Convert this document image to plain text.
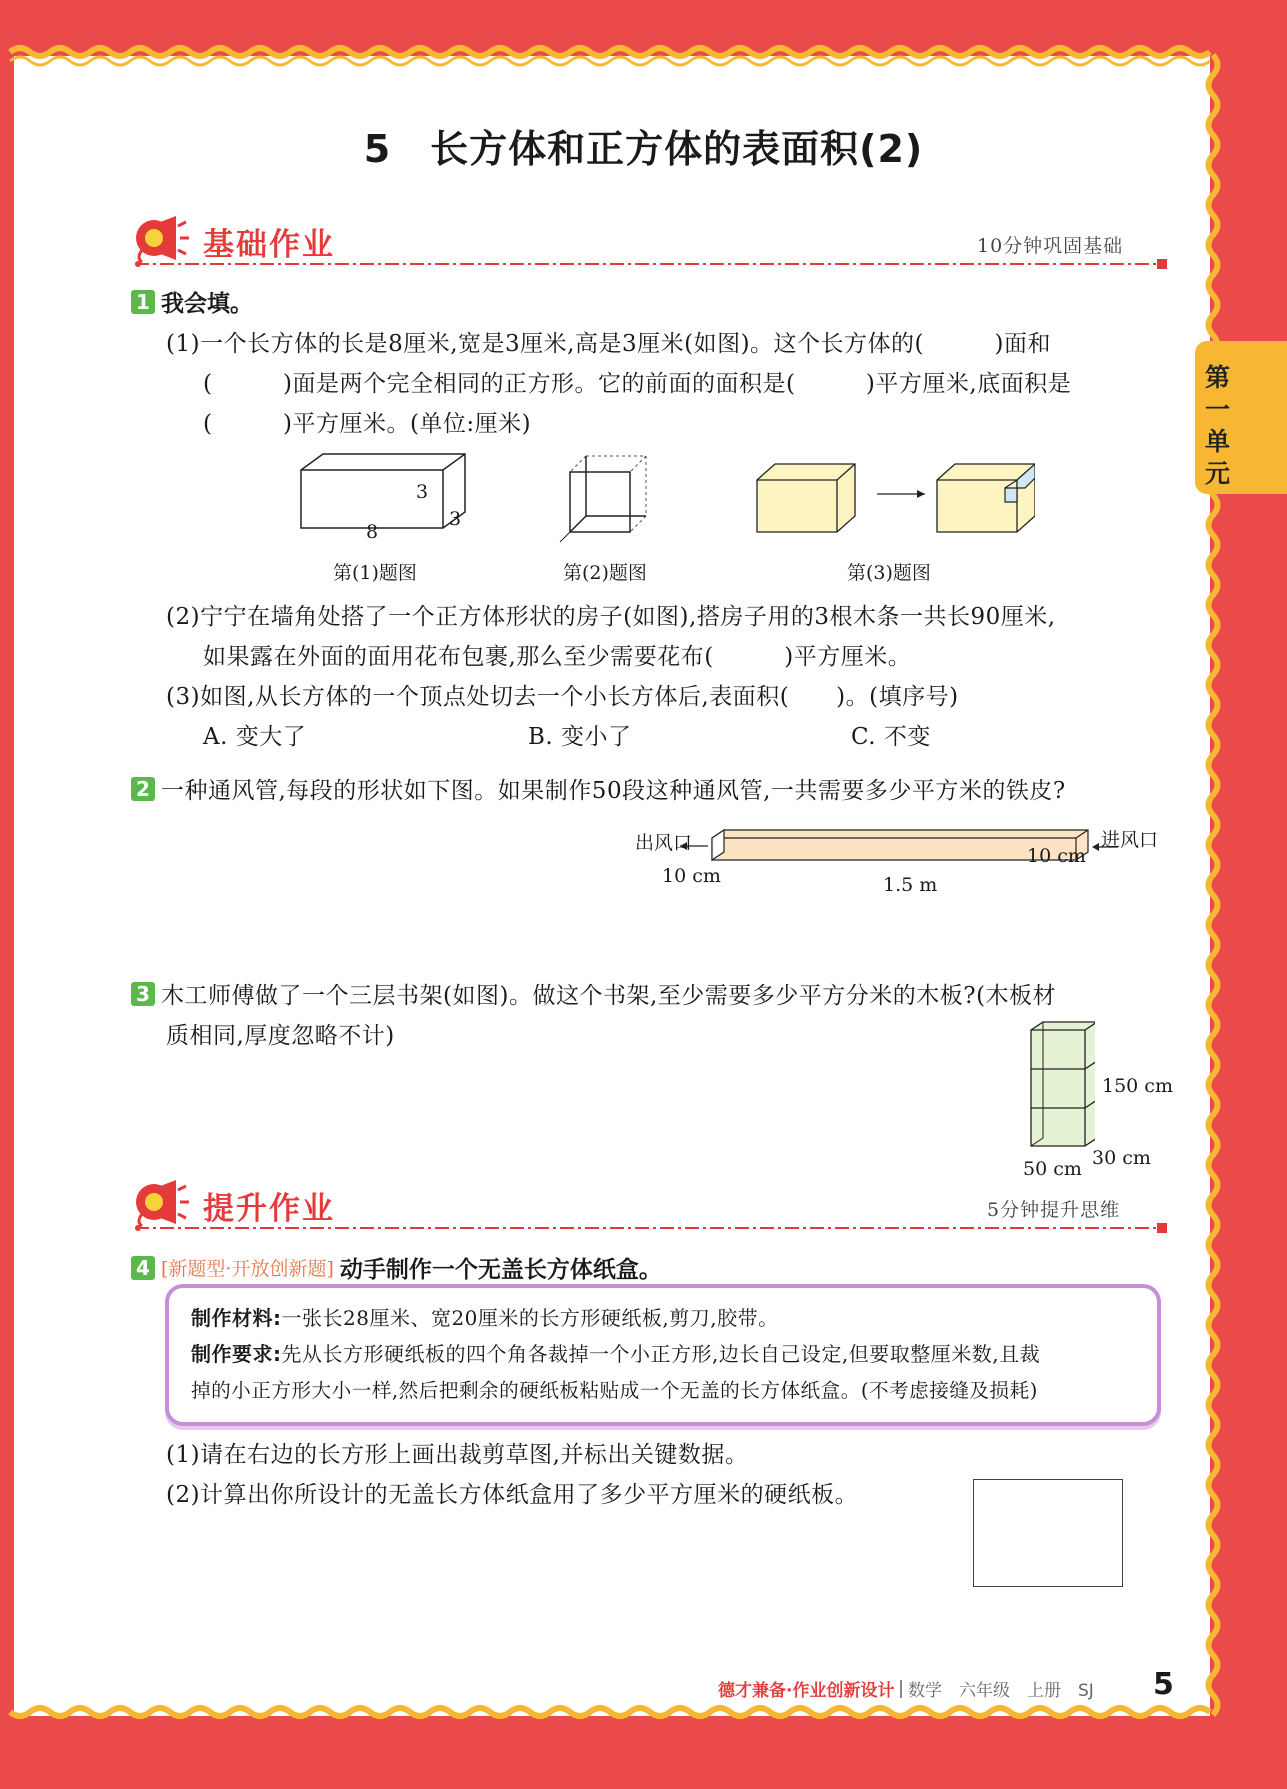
第一单元
5　长方体和正方体的表面积(2)
基础作业	10分钟巩固基础
1 我会填。
(1)一个长方体的长是8厘米,宽是3厘米,高是3厘米(如图)。这个长方体的(　　　)面和
(　　　)面是两个完全相同的正方形。它的前面的面积是(　　　)平方厘米,底面积是
(　　　)平方厘米。(单位:厘米)
3
8
3
第(1)题图	第(2)题图	第(3)题图
(2)宁宁在墙角处搭了一个正方体形状的房子(如图),搭房子用的3根木条一共长90厘米,
如果露在外面的面用花布包裹,那么至少需要花布(　　　)平方厘米。
(3)如图,从长方体的一个顶点处切去一个小长方体后,表面积(　　)。(填序号)
A. 变大了	B. 变小了	C. 不变
2 一种通风管,每段的形状如下图。如果制作50段这种通风管,一共需要多少平方米的铁皮?
出风口	进风口
10 cm
10 cm	1.5 m
3 木工师傅做了一个三层书架(如图)。做这个书架,至少需要多少平方分米的木板?(木板材
质相同,厚度忽略不计)
150 cm
30 cm
50 cm
提升作业	5分钟提升思维
4 [新题型·开放创新题] 动手制作一个无盖长方体纸盒。
制作材料:一张长28厘米、宽20厘米的长方形硬纸板,剪刀,胶带。
制作要求:先从长方形硬纸板的四个角各裁掉一个小正方形,边长自己设定,但要取整厘米数,且裁
掉的小正方形大小一样,然后把剩余的硬纸板粘贴成一个无盖的长方体纸盒。(不考虑接缝及损耗)
(1)请在右边的长方形上画出裁剪草图,并标出关键数据。
(2)计算出你所设计的无盖长方体纸盒用了多少平方厘米的硬纸板。
德才兼备·作业创新设计 数学　六年级　上册　SJ 5
